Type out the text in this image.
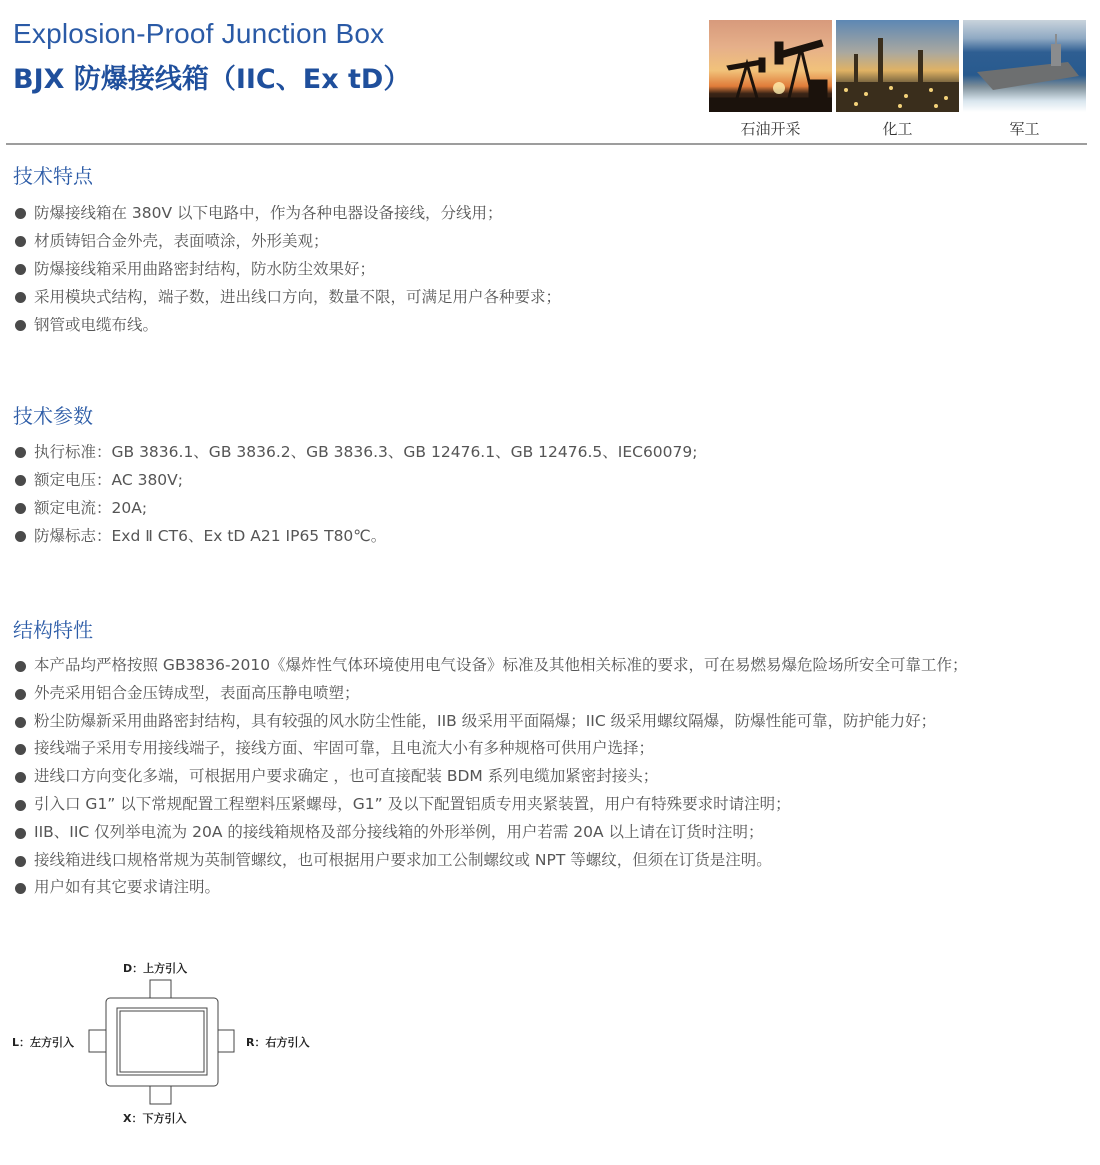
Explosion-Proof Junction Box
BJX 防爆接线箱（IIC、Ex tD）
石油开采	化工	军工
技术特点
防爆接线箱在 380V 以下电路中，作为各种电器设备接线，分线用；
材质铸铝合金外壳，表面喷涂，外形美观；
防爆接线箱采用曲路密封结构，防水防尘效果好；
采用模块式结构，端子数，进出线口方向，数量不限，可满足用户各种要求；
钢管或电缆布线。
技术参数
执行标准：GB 3836.1、GB 3836.2、GB 3836.3、GB 12476.1、GB 12476.5、IEC60079;
额定电压：AC 380V;
额定电流：20A;
防爆标志：Exd Ⅱ CT6、Ex tD A21 IP65 T80℃。
结构特性
本产品均严格按照 GB3836-2010《爆炸性气体环境使用电气设备》标准及其他相关标准的要求，可在易燃易爆危险场所安全可靠工作；
外壳采用铝合金压铸成型，表面高压静电喷塑；
粉尘防爆新采用曲路密封结构，具有较强的风水防尘性能，IIB 级采用平面隔爆；IIC 级采用螺纹隔爆，防爆性能可靠，防护能力好；
接线端子采用专用接线端子，接线方面、牢固可靠，且电流大小有多种规格可供用户选择；
进线口方向变化多端，可根据用户要求确定 ，也可直接配装 BDM 系列电缆加紧密封接头；
引入口 G1” 以下常规配置工程塑料压紧螺母，G1” 及以下配置铝质专用夹紧装置，用户有特殊要求时请注明；
IIB、IIC 仅列举电流为 20A 的接线箱规格及部分接线箱的外形举例，用户若需 20A 以上请在订货时注明；
接线箱进线口规格常规为英制管螺纹，也可根据用户要求加工公制螺纹或 NPT 等螺纹，但须在订货是注明。
用户如有其它要求请注明。
D：上方引入
L：左方引入	R：右方引入
X：下方引入
